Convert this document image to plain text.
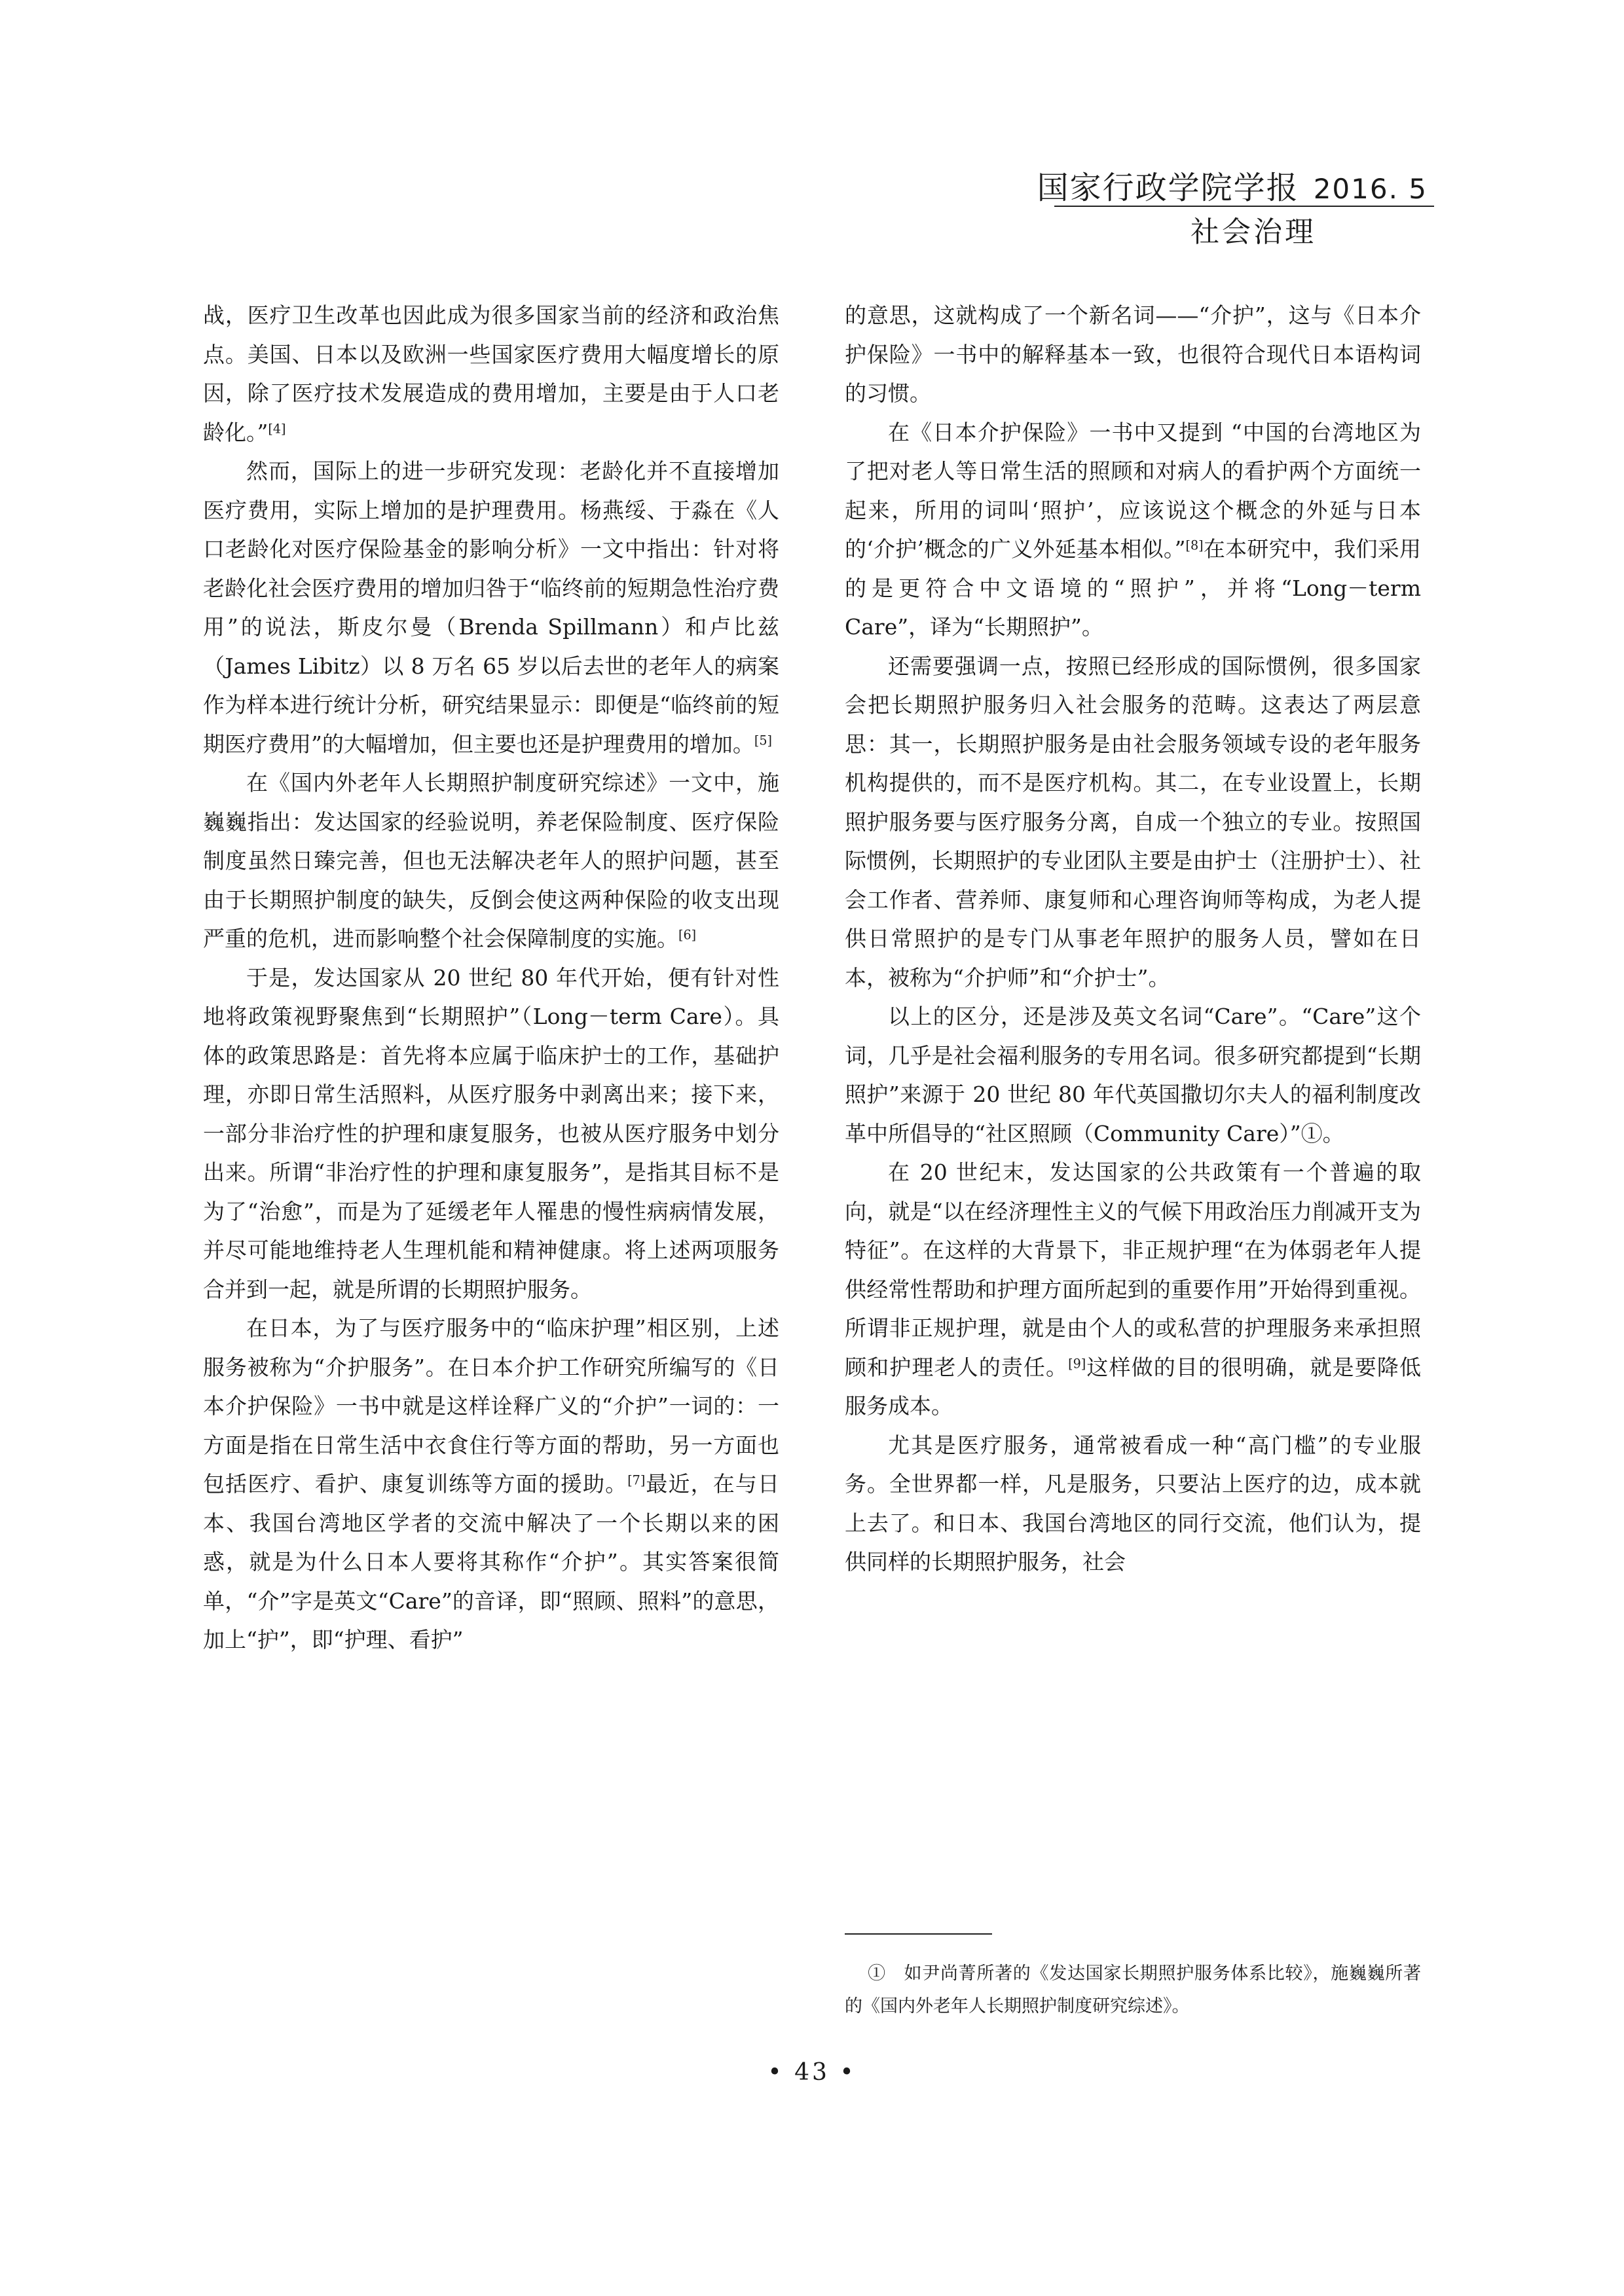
国家行政学院学报 2016. 5
社会治理

战，医疗卫生改革也因此成为很多国家当前的经济和政治焦点。美国、日本以及欧洲一些国家医疗费用大幅度增长的原因，除了医疗技术发展造成的费用增加，主要是由于人口老龄化。”[4]

然而，国际上的进一步研究发现：老龄化并不直接增加医疗费用，实际上增加的是护理费用。杨燕绥、于淼在《人口老龄化对医疗保险基金的影响分析》一文中指出：针对将老龄化社会医疗费用的增加归咎于“临终前的短期急性治疗费用”的说法，斯皮尔曼（Brenda Spillmann）和卢比兹（James Libitz）以 8 万名 65 岁以后去世的老年人的病案作为样本进行统计分析，研究结果显示：即便是“临终前的短期医疗费用”的大幅增加，但主要也还是护理费用的增加。[5]

在《国内外老年人长期照护制度研究综述》一文中，施巍巍指出：发达国家的经验说明，养老保险制度、医疗保险制度虽然日臻完善，但也无法解决老年人的照护问题，甚至由于长期照护制度的缺失，反倒会使这两种保险的收支出现严重的危机，进而影响整个社会保障制度的实施。[6]

于是，发达国家从 20 世纪 80 年代开始，便有针对性地将政策视野聚焦到“长期照护”（Long－term Care）。具体的政策思路是：首先将本应属于临床护士的工作，基础护理，亦即日常生活照料，从医疗服务中剥离出来；接下来，一部分非治疗性的护理和康复服务，也被从医疗服务中划分出来。所谓“非治疗性的护理和康复服务”，是指其目标不是为了“治愈”，而是为了延缓老年人罹患的慢性病病情发展，并尽可能地维持老人生理机能和精神健康。将上述两项服务合并到一起，就是所谓的长期照护服务。

在日本，为了与医疗服务中的“临床护理”相区别，上述服务被称为“介护服务”。在日本介护工作研究所编写的《日本介护保险》一书中就是这样诠释广义的“介护”一词的：一方面是指在日常生活中衣食住行等方面的帮助，另一方面也包括医疗、看护、康复训练等方面的援助。[7]最近，在与日本、我国台湾地区学者的交流中解决了一个长期以来的困惑，就是为什么日本人要将其称作“介护”。其实答案很简单，“介”字是英文“Care”的音译，即“照顾、照料”的意思，加上“护”，即“护理、看护”

的意思，这就构成了一个新名词——“介护”，这与《日本介护保险》一书中的解释基本一致，也很符合现代日本语构词的习惯。

在《日本介护保险》一书中又提到 “中国的台湾地区为了把对老人等日常生活的照顾和对病人的看护两个方面统一起来，所用的词叫‘照护’，应该说这个概念的外延与日本的‘介护’概念的广义外延基本相似。”[8]在本研究中，我们采用的是更符合中文语境的“照护”，并将“Long－term Care”，译为“长期照护”。

还需要强调一点，按照已经形成的国际惯例，很多国家会把长期照护服务归入社会服务的范畴。这表达了两层意思：其一，长期照护服务是由社会服务领域专设的老年服务机构提供的，而不是医疗机构。其二，在专业设置上，长期照护服务要与医疗服务分离，自成一个独立的专业。按照国际惯例，长期照护的专业团队主要是由护士（注册护士）、社会工作者、营养师、康复师和心理咨询师等构成，为老人提供日常照护的是专门从事老年照护的服务人员，譬如在日本，被称为“介护师”和“介护士”。

以上的区分，还是涉及英文名词“Care”。“Care”这个词，几乎是社会福利服务的专用名词。很多研究都提到“长期照护”来源于 20 世纪 80 年代英国撒切尔夫人的福利制度改革中所倡导的“社区照顾（Community Care）”①。

在 20 世纪末，发达国家的公共政策有一个普遍的取向，就是“以在经济理性主义的气候下用政治压力削减开支为特征”。在这样的大背景下，非正规护理“在为体弱老年人提供经常性帮助和护理方面所起到的重要作用”开始得到重视。所谓非正规护理，就是由个人的或私营的护理服务来承担照顾和护理老人的责任。[9]这样做的目的很明确，就是要降低服务成本。

尤其是医疗服务，通常被看成一种“高门槛”的专业服务。全世界都一样，凡是服务，只要沾上医疗的边，成本就上去了。和日本、我国台湾地区的同行交流，他们认为，提供同样的长期照护服务，社会

①　如尹尚菁所著的《发达国家长期照护服务体系比较》，施巍巍所著的《国内外老年人长期照护制度研究综述》。

• 43 •
